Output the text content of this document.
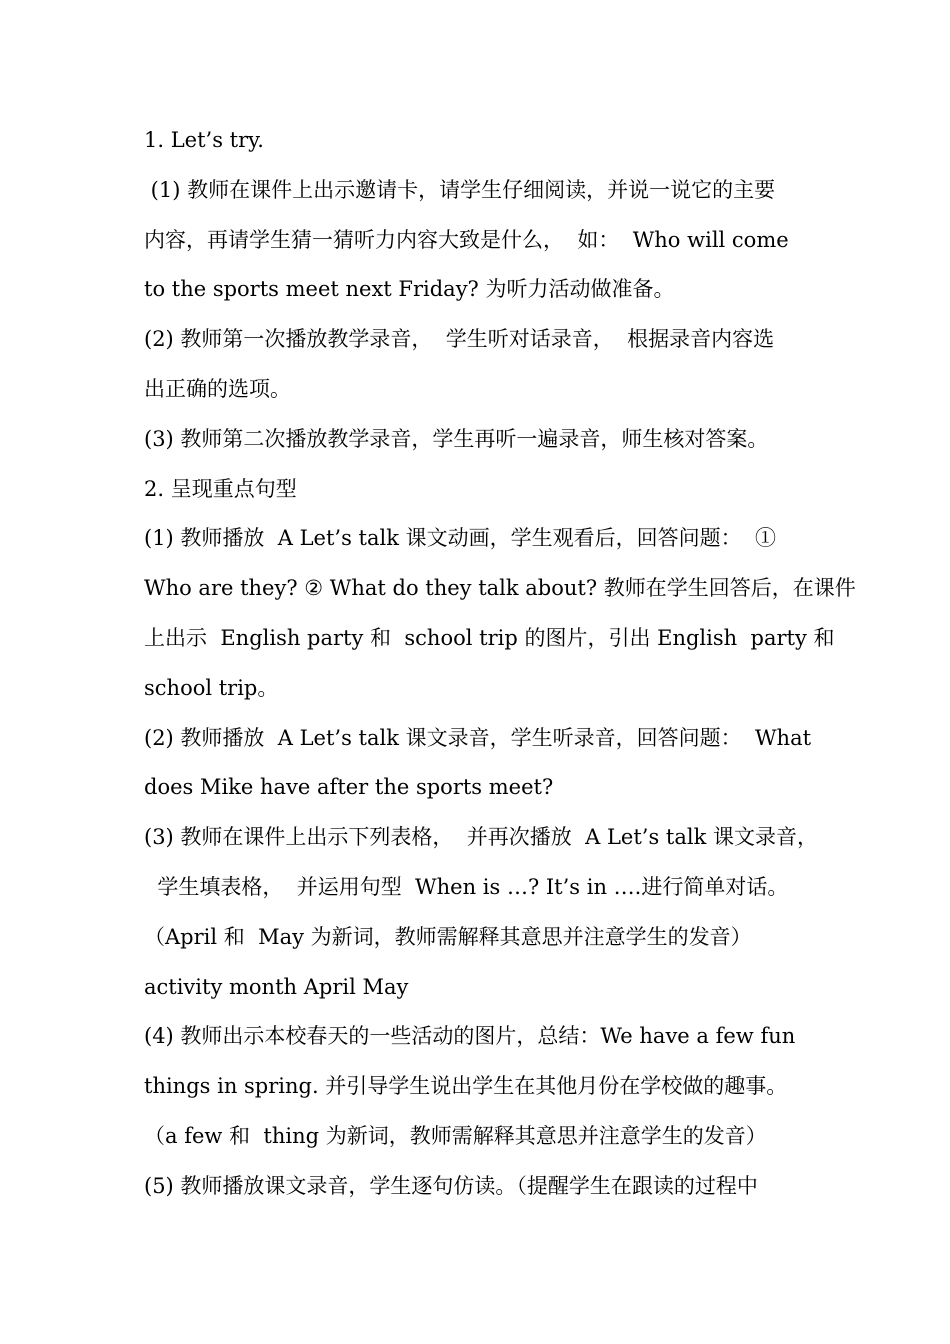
1. Let’s try.
(1) 教师在课件上出示邀请卡，请学生仔细阅读，并说一说它的主要
内容，再请学生猜一猜听力内容大致是什么，  如：  Who will come
to the sports meet next Friday? 为听力活动做准备。
(2) 教师第一次播放教学录音，  学生听对话录音，  根据录音内容选
出正确的选项。
(3) 教师第二次播放教学录音，学生再听一遍录音，师生核对答案。
2. 呈现重点句型
(1) 教师播放  A Let’s talk 课文动画，学生观看后，回答问题：  ①
Who are they? ② What do they talk about? 教师在学生回答后，在课件
上出示  English party 和  school trip 的图片，引出 English  party 和
school trip。
(2) 教师播放  A Let’s talk 课文录音，学生听录音，回答问题：  What
does Mike have after the sports meet?
(3) 教师在课件上出示下列表格，  并再次播放  A Let’s talk 课文录音，
学生填表格，  并运用句型  When is …? It’s in ….进行简单对话。
（April 和  May 为新词，教师需解释其意思并注意学生的发音）
activity month April May
(4) 教师出示本校春天的一些活动的图片，总结：We have a few fun
things in spring. 并引导学生说出学生在其他月份在学校做的趣事。
（a few 和  thing 为新词，教师需解释其意思并注意学生的发音）
(5) 教师播放课文录音，学生逐句仿读。（提醒学生在跟读的过程中
